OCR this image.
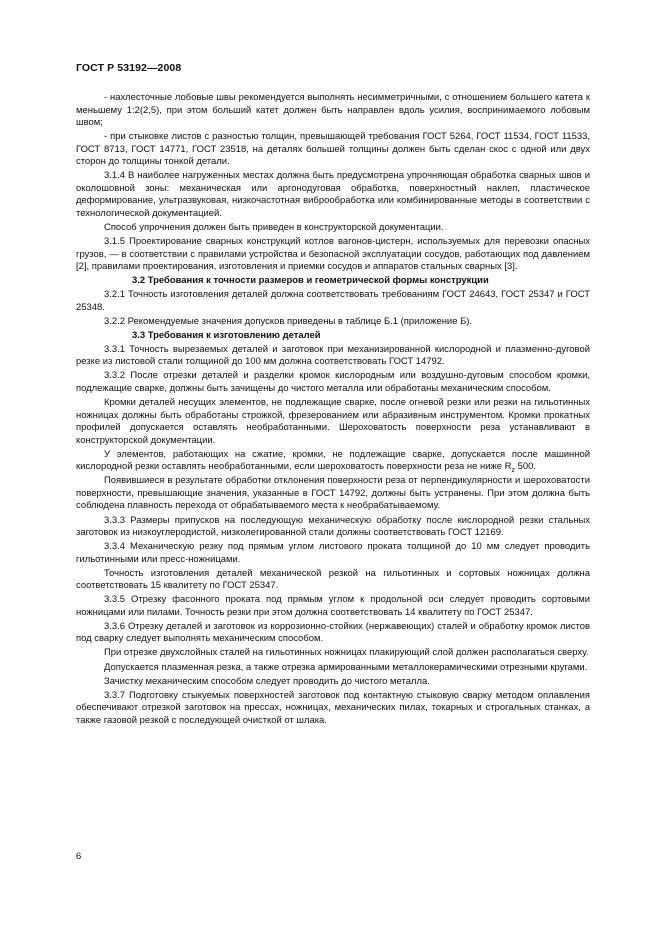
ГОСТ Р 53192—2008

- нахлесточные лобовые швы рекомендуется выполнять несимметричными, с отношением большего катета к меньшему 1:2(2,5), при этом больший катет должен быть направлен вдоль усилия, воспринимаемого лобовым швом;

- при стыковке листов с разностью толщин, превышающей требования ГОСТ 5264, ГОСТ 11534, ГОСТ 11533, ГОСТ 8713, ГОСТ 14771, ГОСТ 23518, на деталях большей толщины должен быть сделан скос с одной или двух сторон до толщины тонкой детали.

3.1.4 В наиболее нагруженных местах должна быть предусмотрена упрочняющая обработка сварных швов и околошовной зоны: механическая или аргонодуговая обработка, поверхностный наклеп, пластическое деформирование, ультразвуковая, низкочастотная виброобработка или комбинированные методы в соответствии с технологической документацией.

Способ упрочнения должен быть приведен в конструкторской документации.

3.1.5 Проектирование сварных конструкций котлов вагонов-цистерн, используемых для перевозки опасных грузов, — в соответствии с правилами устройства и безопасной эксплуатации сосудов, работающих под давлением [2], правилами проектирования, изготовления и приемки сосудов и аппаратов стальных сварных [3].

3.2 Требования к точности размеров и геометрической формы конструкции

3.2.1 Точность изготовления деталей должна соответствовать требованиям ГОСТ 24643, ГОСТ 25347 и ГОСТ 25348.

3.2.2 Рекомендуемые значения допусков приведены в таблице Б.1 (приложение Б).

3.3 Требования к изготовлению деталей

3.3.1 Точность вырезаемых деталей и заготовок при механизированной кислородной и плазменно-дуговой резке из листовой стали толщиной до 100 мм должна соответствовать ГОСТ 14792.

3.3.2 После отрезки деталей и разделки кромок кислородным или воздушно-дуговым способом кромки, подлежащие сварке, должны быть зачищены до чистого металла или обработаны механическим способом.

Кромки деталей несущих элементов, не подлежащие сварке, после огневой резки или резки на гильотинных ножницах должны быть обработаны строжкой, фрезерованием или абразивным инструментом. Кромки прокатных профилей допускается оставлять необработанными. Шероховатость поверхности реза устанавливают в конструкторской документации.

У элементов, работающих на сжатие, кромки, не подлежащие сварке, допускается после машинной кислородной резки оставлять необработанными, если шероховатость поверхности реза не ниже $R_z$ 500.

Появившиеся в результате обработки отклонения поверхности реза от перпендикулярности и шероховатости поверхности, превышающие значения, указанные в ГОСТ 14792, должны быть устранены. При этом должна быть соблюдена плавность перехода от обрабатываемого места к необрабатываемому.

3.3.3 Размеры припусков на последующую механическую обработку после кислородной резки стальных заготовок из низкоуглеродистой, низколегированной стали должны соответствовать ГОСТ 12169.

3.3.4 Механическую резку под прямым углом листового проката толщиной до 10 мм следует проводить гильотинными или пресс-ножницами.

Точность изготовления деталей механической резкой на гильотинных и сортовых ножницах должна соответствовать 15 квалитету по ГОСТ 25347.

3.3.5 Отрезку фасонного проката под прямым углом к продольной оси следует проводить сортовыми ножницами или пилами. Точность резки при этом должна соответствовать 14 квалитету по ГОСТ 25347.

3.3.6 Отрезку деталей и заготовок из коррозионно-стойких (нержавеющих) сталей и обработку кромок листов под сварку следует выполнять механическим способом.

При отрезке двухслойных сталей на гильотинных ножницах плакирующий слой должен располагаться сверху.

Допускается плазменная резка, а также отрезка армированными металлокерамическими отрезными кругами.

Зачистку механическим способом следует проводить до чистого металла.

3.3.7 Подготовку стыкуемых поверхностей заготовок под контактную стыковую сварку методом оплавления обеспечивают отрезкой заготовок на прессах, ножницах, механических пилах, токарных и строгальных станках, а также газовой резкой с последующей очисткой от шлака.

6
